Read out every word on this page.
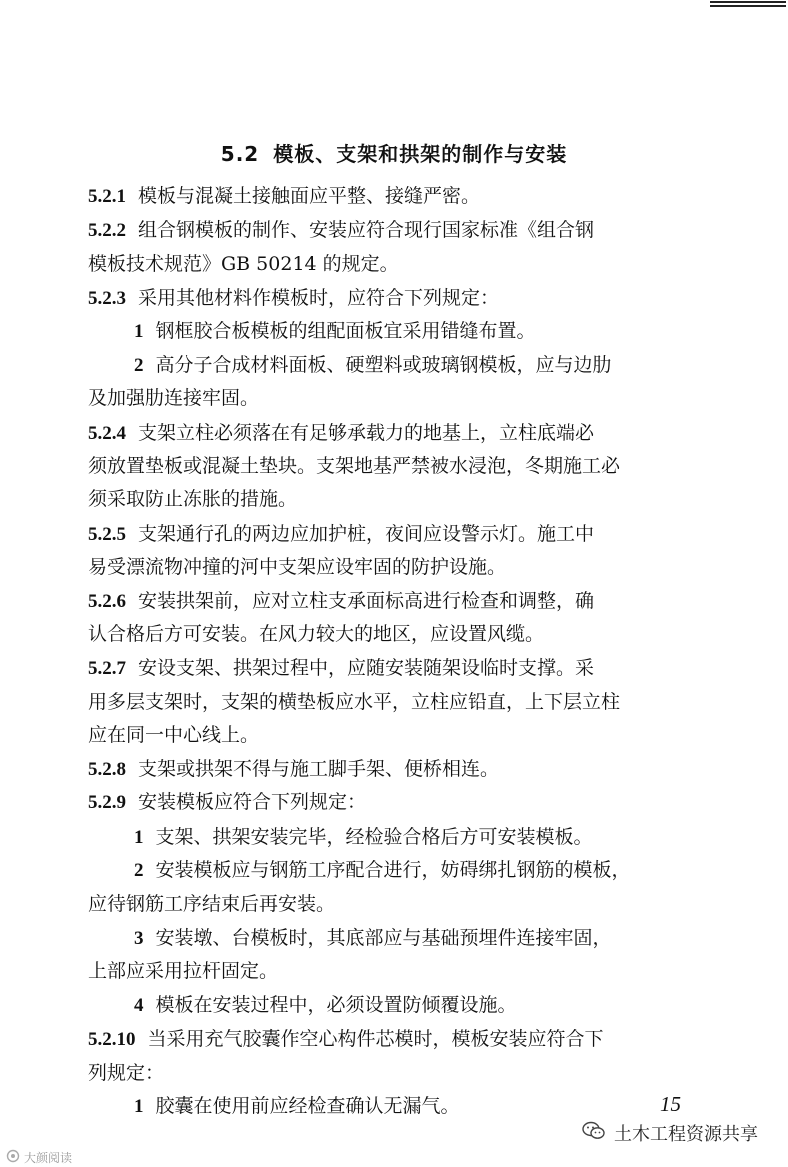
5.2 模板、支架和拱架的制作与安装
5.2.1 模板与混凝土接触面应平整、接缝严密。
5.2.2 组合钢模板的制作、安装应符合现行国家标准《组合钢
模板技术规范》GB 50214 的规定。
5.2.3 采用其他材料作模板时，应符合下列规定：
1 钢框胶合板模板的组配面板宜采用错缝布置。
2 高分子合成材料面板、硬塑料或玻璃钢模板，应与边肋
及加强肋连接牢固。
5.2.4 支架立柱必须落在有足够承载力的地基上，立柱底端必
须放置垫板或混凝土垫块。支架地基严禁被水浸泡，冬期施工必
须采取防止冻胀的措施。
5.2.5 支架通行孔的两边应加护桩，夜间应设警示灯。施工中
易受漂流物冲撞的河中支架应设牢固的防护设施。
5.2.6 安装拱架前，应对立柱支承面标高进行检查和调整，确
认合格后方可安装。在风力较大的地区，应设置风缆。
5.2.7 安设支架、拱架过程中，应随安装随架设临时支撑。采
用多层支架时，支架的横垫板应水平，立柱应铅直，上下层立柱
应在同一中心线上。
5.2.8 支架或拱架不得与施工脚手架、便桥相连。
5.2.9 安装模板应符合下列规定：
1 支架、拱架安装完毕，经检验合格后方可安装模板。
2 安装模板应与钢筋工序配合进行，妨碍绑扎钢筋的模板，
应待钢筋工序结束后再安装。
3 安装墩、台模板时，其底部应与基础预埋件连接牢固，
上部应采用拉杆固定。
4 模板在安装过程中，必须设置防倾覆设施。
5.2.10 当采用充气胶囊作空心构件芯模时，模板安装应符合下
列规定：
1 胶囊在使用前应经检查确认无漏气。	15
土木工程资源共享
大颜阅读
